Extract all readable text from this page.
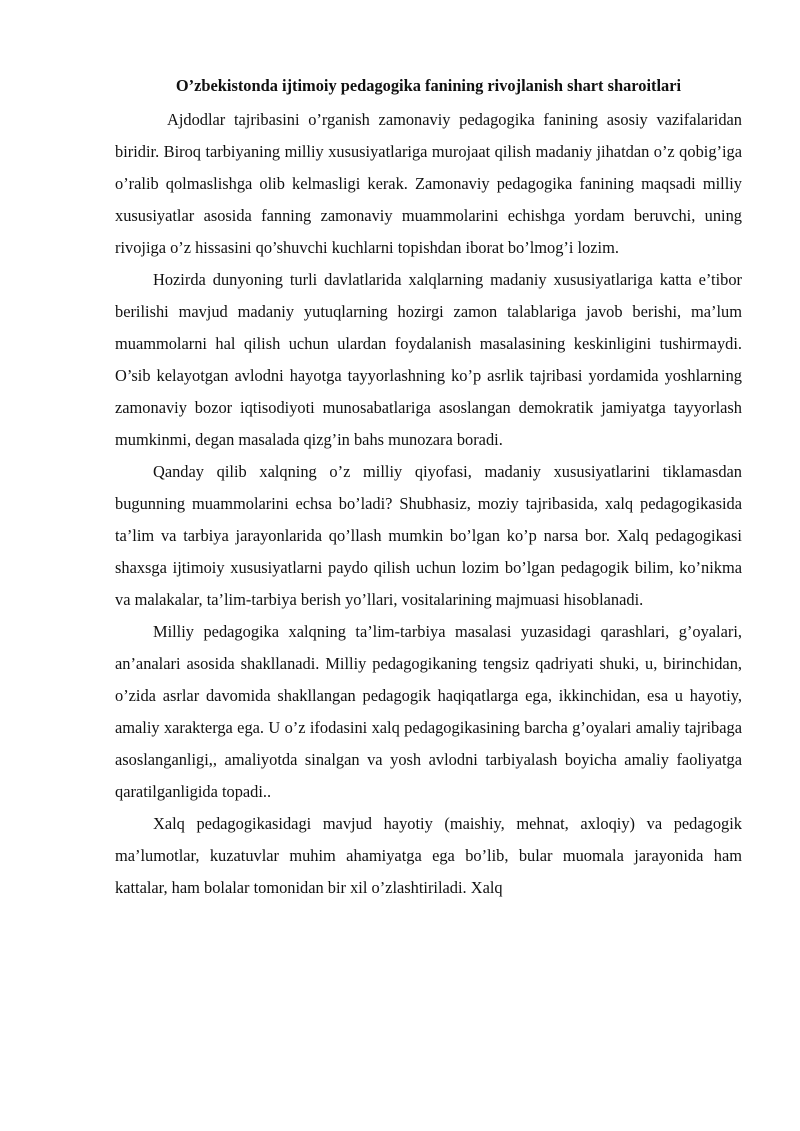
O’zbekistonda ijtimoiy pedagogika fanining rivojlanish shart sharoitlari

Ajdodlar tajribasini o’rganish zamonaviy pedagogika fanining asosiy vazifalaridan biridir. Biroq tarbiyaning milliy xususiyatlariga murojaat qilish madaniy jihatdan o’z qobig’iga o’ralib qolmaslishga olib kelmasligi kerak. Zamonaviy pedagogika fanining maqsadi milliy xususiyatlar asosida fanning zamonaviy muammolarini echishga yordam beruvchi, uning rivojiga o’z hissasini qo’shuvchi kuchlarni topishdan iborat bo’lmog’i lozim.

Hozirda dunyoning turli davlatlarida xalqlarning madaniy xususiyatlariga katta e’tibor berilishi mavjud madaniy yutuqlarning hozirgi zamon talablariga javob berishi, ma’lum muammolarni hal qilish uchun ulardan foydalanish masalasining keskinligini tushirmaydi. O’sib kelayotgan avlodni hayotga tayyorlashning ko’p asrlik tajribasi yordamida yoshlarning zamonaviy bozor iqtisodiyoti munosabatlariga asoslangan demokratik jamiyatga tayyorlash mumkinmi, degan masalada qizg’in bahs munozara boradi.

Qanday qilib xalqning o’z milliy qiyofasi, madaniy xususiyatlarini tiklamasdan bugunning muammolarini echsa bo’ladi? Shubhasiz, moziy tajribasida, xalq pedagogikasida ta’lim va tarbiya jarayonlarida qo’llash mumkin bo’lgan ko’p narsa bor. Xalq pedagogikasi shaxsga ijtimoiy xususiyatlarni paydo qilish uchun lozim bo’lgan pedagogik bilim, ko’nikma va malakalar, ta’lim-tarbiya berish yo’llari, vositalarining majmuasi hisoblanadi.

Milliy pedagogika xalqning ta’lim-tarbiya masalasi yuzasidagi qarashlari, g’oyalari, an’analari asosida shakllanadi. Milliy pedagogikaning tengsiz qadriyati shuki, u, birinchidan, o’zida asrlar davomida shakllangan pedagogik haqiqatlarga ega, ikkinchidan, esa u hayotiy, amaliy xarakterga ega. U o’z ifodasini xalq pedagogikasining barcha g’oyalari amaliy tajribaga asoslanganligi,, amaliyotda sinalgan va yosh avlodni tarbiyalash boyicha amaliy faoliyatga qaratilganligida topadi..

Xalq pedagogikasidagi mavjud hayotiy (maishiy, mehnat, axloqiy) va pedagogik ma’lumotlar, kuzatuvlar muhim ahamiyatga ega bo’lib, bular muomala jarayonida ham kattalar, ham bolalar tomonidan bir xil o’zlashtiriladi. Xalq
